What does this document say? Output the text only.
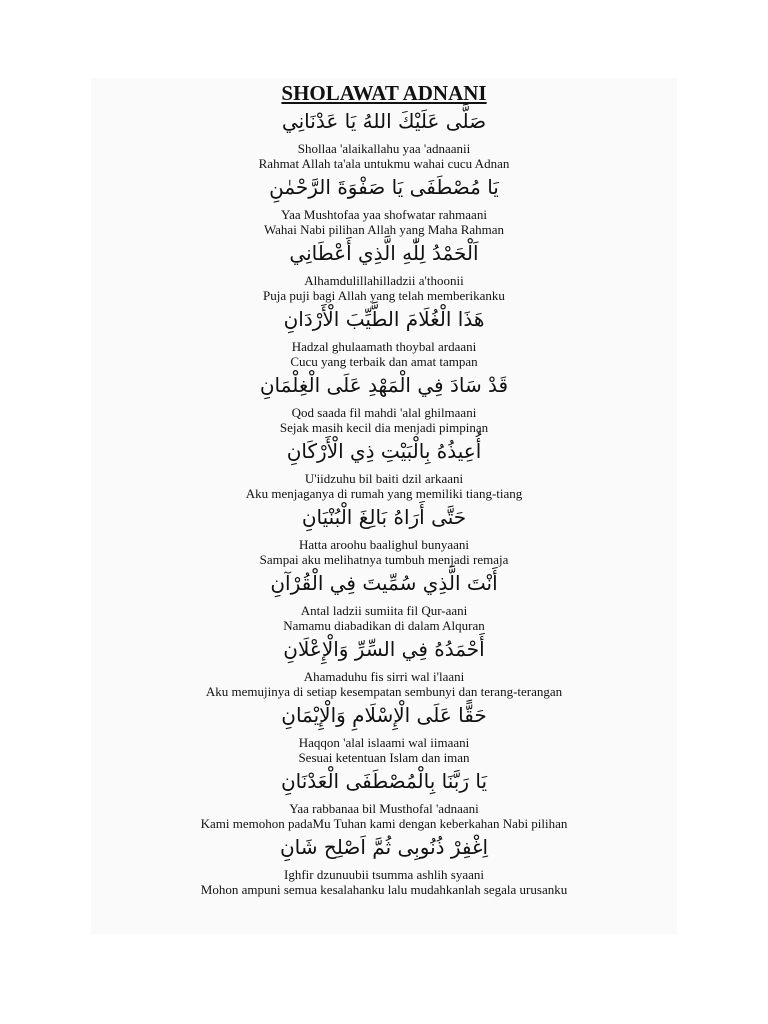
SHOLAWAT ADNANI
صَلَّى عَلَيْكَ اللهُ يَا عَدْنَانِي
Shollaa 'alaikallahu yaa 'adnaanii
Rahmat Allah ta'ala untukmu wahai cucu Adnan
يَا مُصْطَفَى يَا صَفْوَةَ الرَّحْمٰنِ
Yaa Mushtofaa yaa shofwatar rahmaani
Wahai Nabi pilihan Allah yang Maha Rahman
اَلْحَمْدُ لِلّٰهِ الَّذِي أَعْطَانِي
Alhamdulillahilladzii a'thoonii
Puja puji bagi Allah yang telah memberikanku
هَذَا الْغُلَامَ الطَّيِّبَ الْأَرْدَانِ
Hadzal ghulaamath thoybal ardaani
Cucu yang terbaik dan amat tampan
قَدْ سَادَ فِي الْمَهْدِ عَلَى الْغِلْمَانِ
Qod saada fil mahdi 'alal ghilmaani
Sejak masih kecil dia menjadi pimpinan
أُعِيذُهُ بِالْبَيْتِ ذِي الْأَرْكَانِ
U'iidzuhu bil baiti dzil arkaani
Aku menjaganya di rumah yang memiliki tiang-tiang
حَتَّى أَرَاهُ بَالِغَ الْبُنْيَانِ
Hatta aroohu baalighul bunyaani
Sampai aku melihatnya tumbuh menjadi remaja
أَنْتَ الَّذِي سُمِّيتَ فِي الْقُرْآنِ
Antal ladzii sumiita fil Qur-aani
Namamu diabadikan di dalam Alquran
أَحْمَدُهُ فِي السِّرِّ وَالْإِعْلَانِ
Ahamaduhu fis sirri wal i'laani
Aku memujinya di setiap kesempatan sembunyi dan terang-terangan
حَقًّا عَلَى الْإِسْلَامِ وَالْإِيْمَانِ
Haqqon 'alal islaami wal iimaani
Sesuai ketentuan Islam dan iman
يَا رَبَّنَا بِالْمُصْطَفَى الْعَدْنَانِ
Yaa rabbanaa bil Musthofal 'adnaani
Kami memohon padaMu Tuhan kami dengan keberkahan Nabi pilihan
اِغْفِرْ ذُنُوبِى ثُمَّ اَصْلِح شَانِ
Ighfir dzunuubii tsumma ashlih syaani
Mohon ampuni semua kesalahanku lalu mudahkanlah segala urusanku
